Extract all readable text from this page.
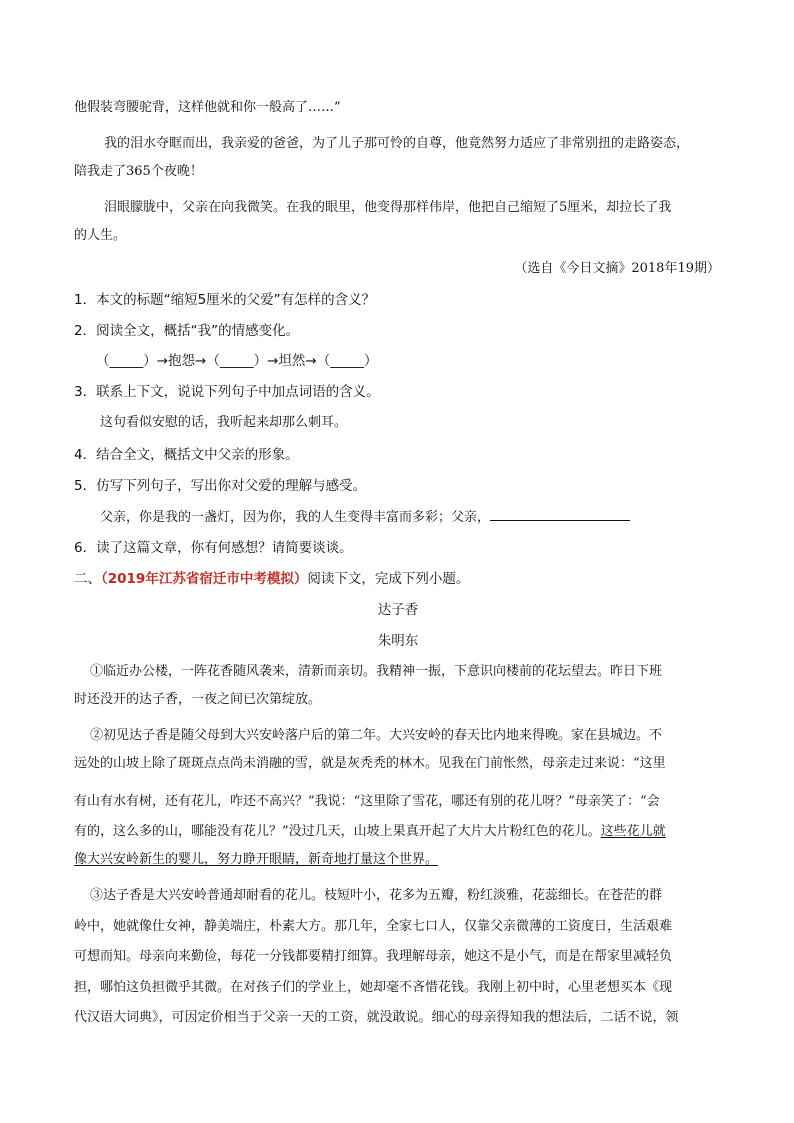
他假装弯腰驼背，这样他就和你一般高了……”
我的泪水夺眶而出，我亲爱的爸爸，为了儿子那可怜的自尊，他竟然努力适应了非常别扭的走路姿态，
陪我走了365个夜晚！
泪眼朦胧中，父亲在向我微笑。在我的眼里，他变得那样伟岸，他把自己缩短了5厘米，却拉长了我
的人生。
（选自《今日文摘》2018年19期）
1．本文的标题“缩短5厘米的父爱”有怎样的含义？
2．阅读全文，概括“我”的情感变化。
（_____）→抱怨→（_____）→坦然→（_____）
3．联系上下文，说说下列句子中加点词语的含义。
这句看似安慰的话，我听起来却那么刺耳。
4．结合全文，概括文中父亲的形象。
5．仿写下列句子，写出你对父爱的理解与感受。
父亲，你是我的一盏灯，因为你，我的人生变得丰富而多彩；父亲，
6．读了这篇文章，你有何感想？请简要谈谈。
二、（2019年江苏省宿迁市中考模拟）阅读下文，完成下列小题。
达子香
朱明东
①临近办公楼，一阵花香随风袭来，清新而亲切。我精神一振，下意识向楼前的花坛望去。昨日下班
时还没开的达子香，一夜之间已次第绽放。
②初见达子香是随父母到大兴安岭落户后的第二年。大兴安岭的春天比内地来得晚。家在县城边。不
远处的山坡上除了斑斑点点尚未消融的雪，就是灰秃秃的林木。见我在门前怅然，母亲走过来说：“这里
有山有水有树，还有花儿，咋还不高兴？”我说：“这里除了雪花，哪还有别的花儿呀？”母亲笑了：“会
有的，这么多的山，哪能没有花儿？”没过几天，山坡上果真开起了大片大片粉红色的花儿。这些花儿就
像大兴安岭新生的婴儿，努力睁开眼睛，新奇地打量这个世界。
③达子香是大兴安岭普通却耐看的花儿。枝短叶小，花多为五瓣，粉红淡雅，花蕊细长。在苍茫的群
岭中，她就像仕女神，静美端庄，朴素大方。那几年，全家七口人，仅靠父亲微薄的工资度日，生活艰难
可想而知。母亲向来勤俭，每花一分钱都要精打细算。我理解母亲，她这不是小气，而是在帮家里减轻负
担，哪怕这负担微乎其微。在对孩子们的学业上，她却毫不吝惜花钱。我刚上初中时，心里老想买本《现
代汉语大词典》，可因定价相当于父亲一天的工资，就没敢说。细心的母亲得知我的想法后，二话不说，领
